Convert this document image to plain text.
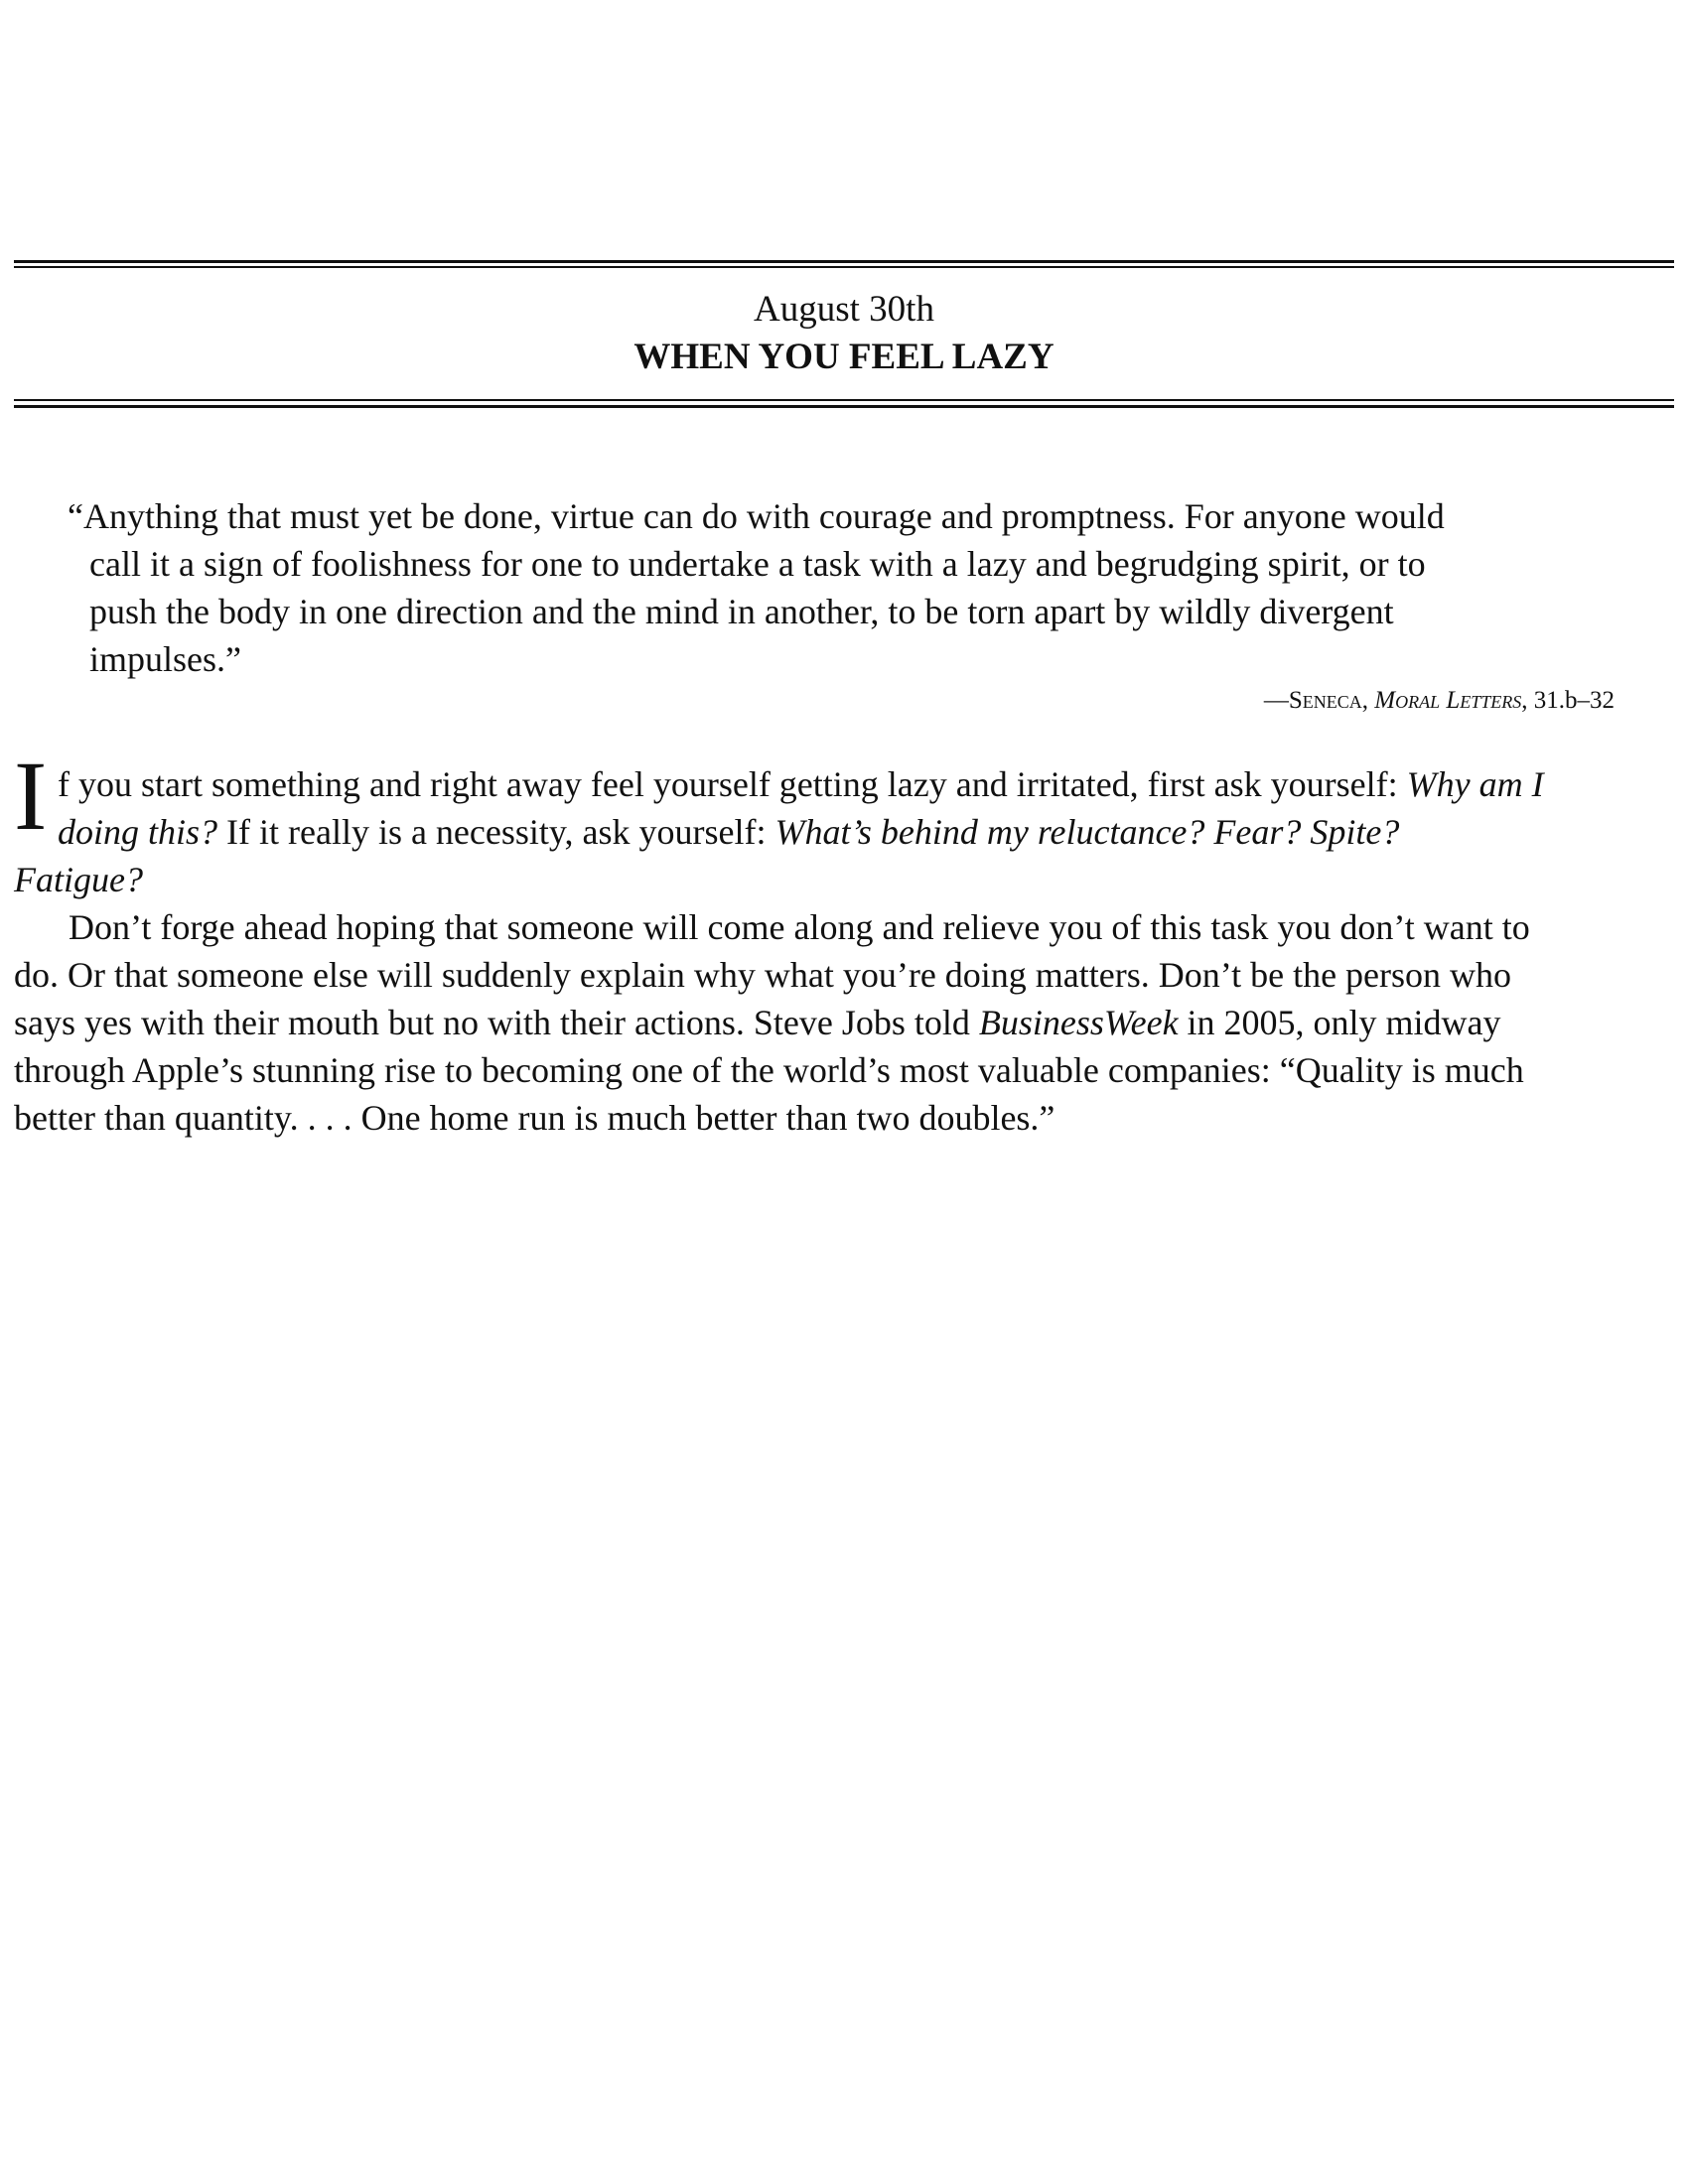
August 30th
WHEN YOU FEEL LAZY
“Anything that must yet be done, virtue can do with courage and promptness. For anyone would
call it a sign of foolishness for one to undertake a task with a lazy and begrudging spirit, or to
push the body in one direction and the mind in another, to be torn apart by wildly divergent
impulses.”
—Seneca, Moral Letters, 31.b–32
I f you start something and right away feel yourself getting lazy and irritated, first ask yourself: Why am I
doing this? If it really is a necessity, ask yourself: What’s behind my reluctance? Fear? Spite?
Fatigue?
Don’t forge ahead hoping that someone will come along and relieve you of this task you don’t want to
do. Or that someone else will suddenly explain why what you’re doing matters. Don’t be the person who
says yes with their mouth but no with their actions. Steve Jobs told BusinessWeek in 2005, only midway
through Apple’s stunning rise to becoming one of the world’s most valuable companies: “Quality is much
better than quantity. . . . One home run is much better than two doubles.”
